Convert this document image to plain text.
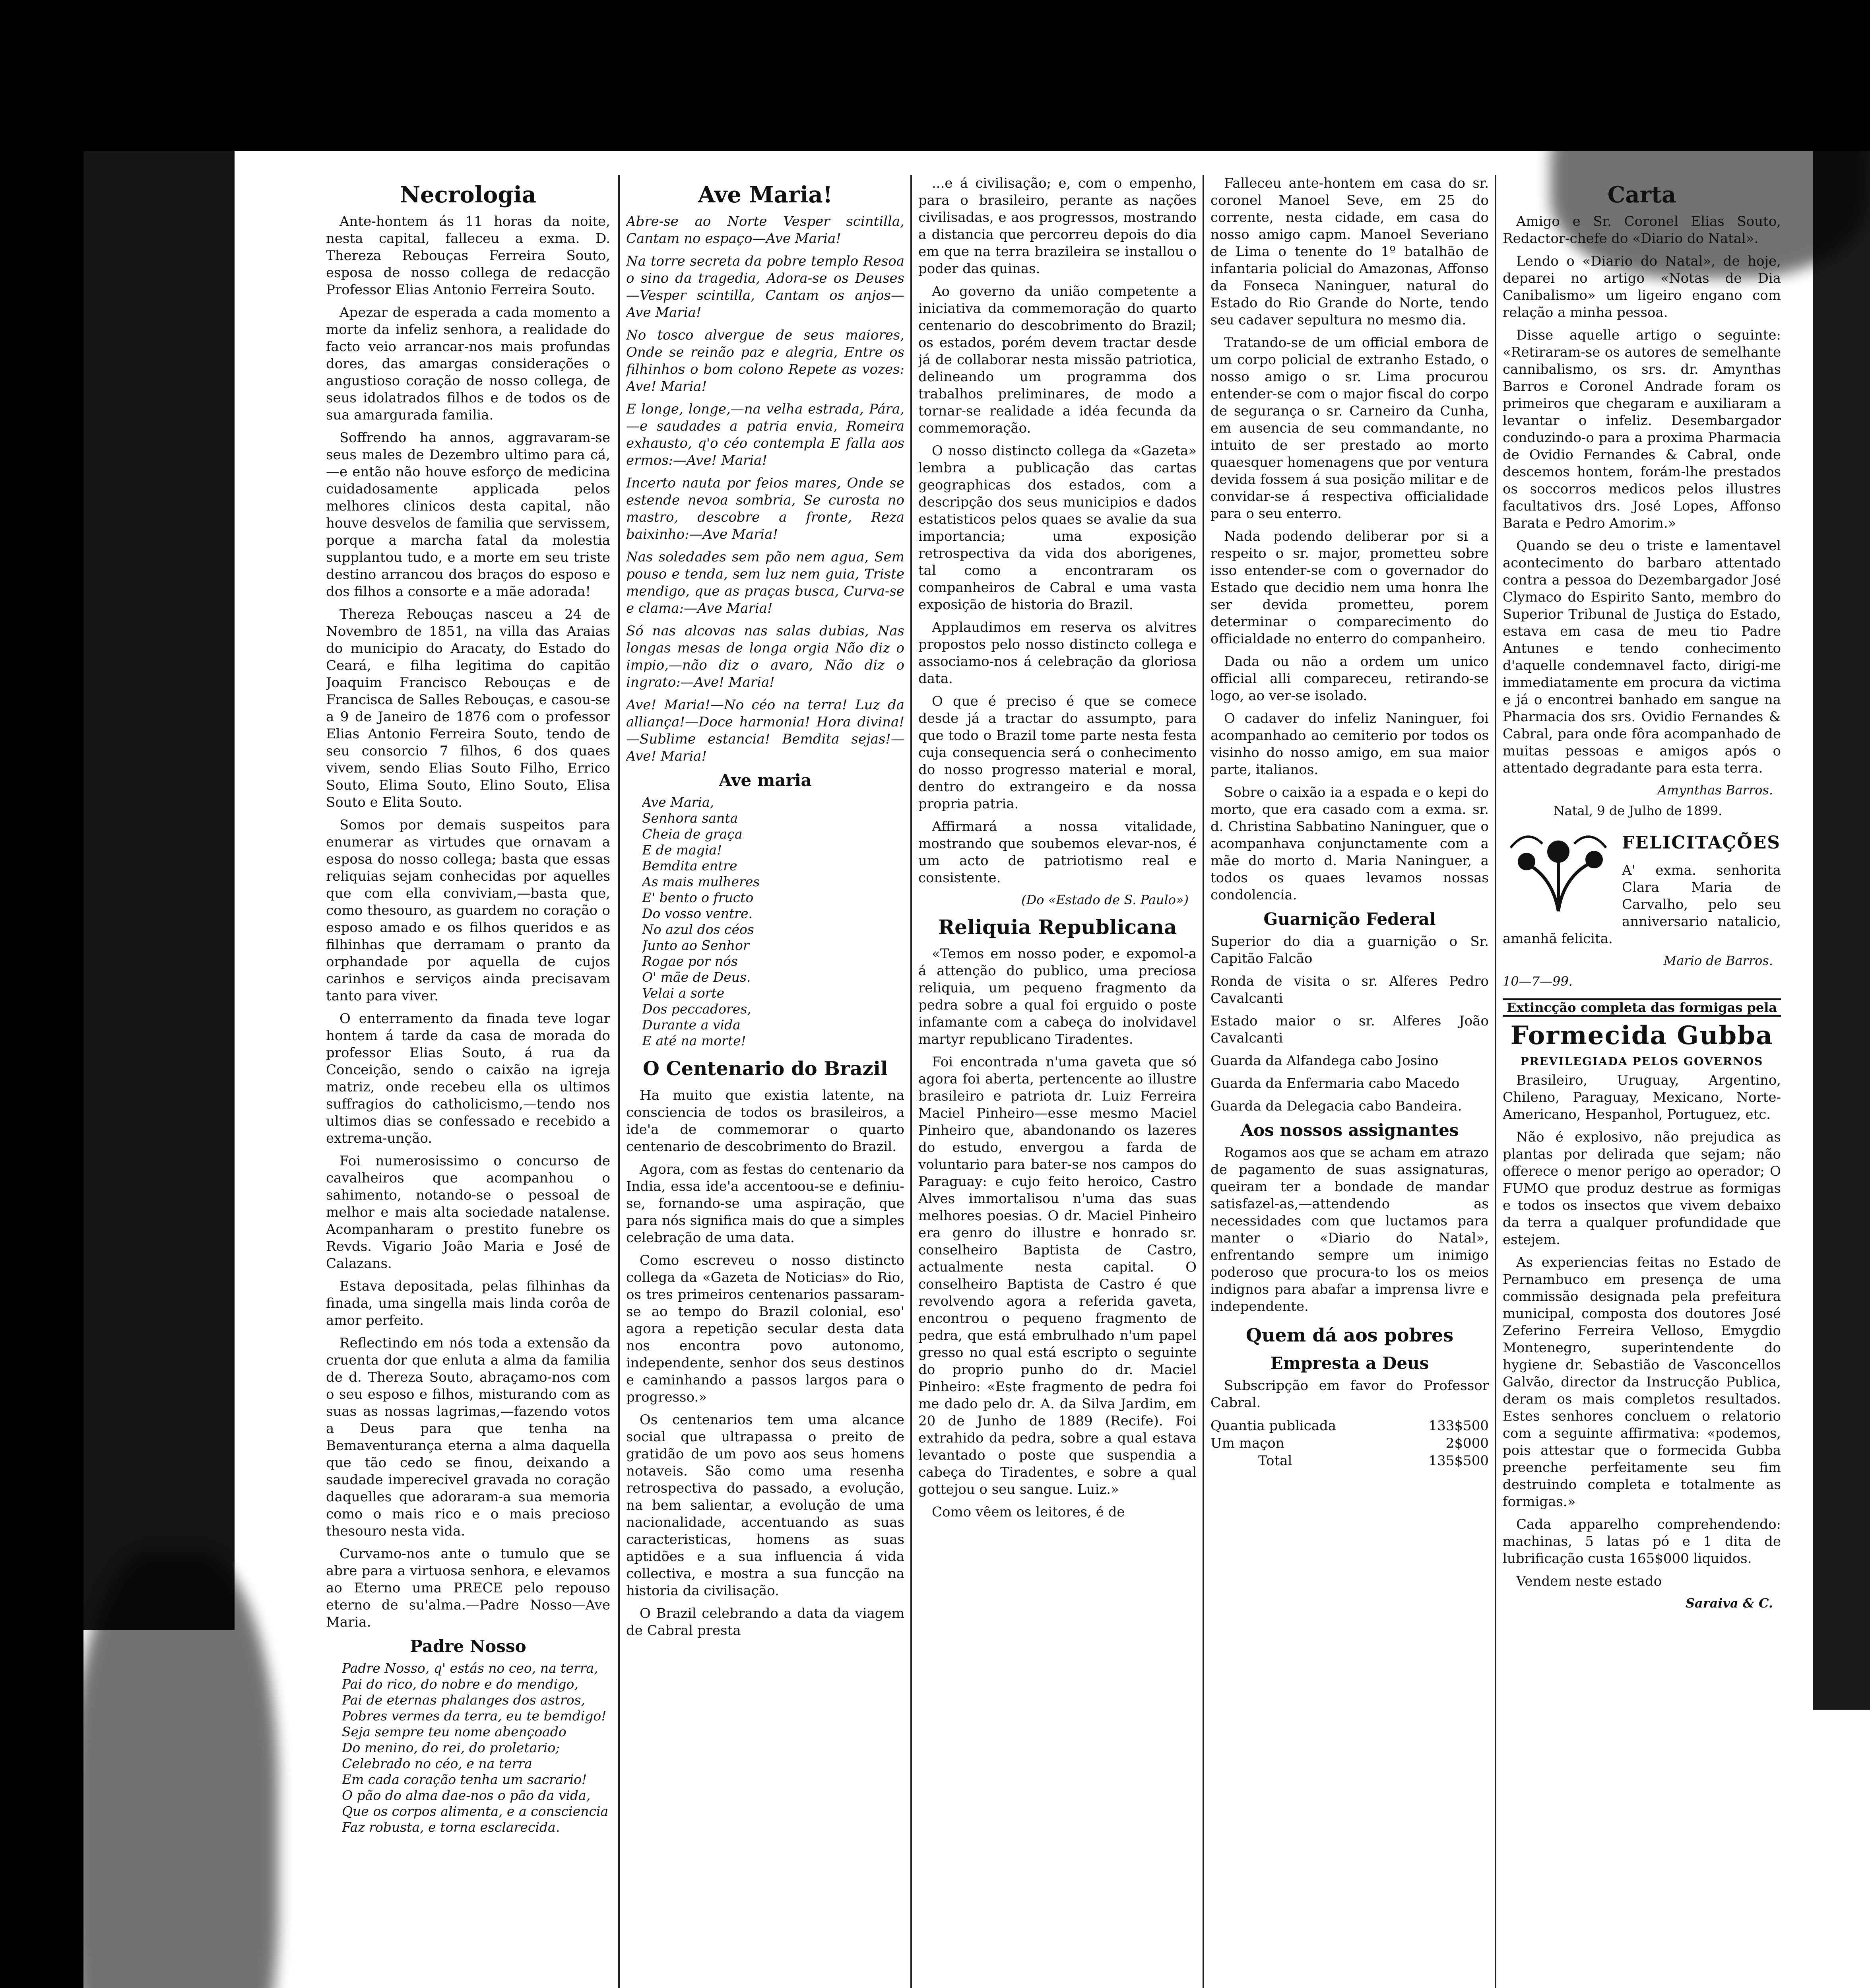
Necrologia

Ante-hontem ás 11 horas da noite, nesta capital, falleceu a exma. D. Thereza Rebouças Ferreira Souto, esposa de nosso collega de redacção Professor Elias Antonio Ferreira Souto.

Apezar de esperada a cada momento a morte da infeliz senhora, a realidade do facto veio arrancar-nos mais profundas dores, das amargas considerações o angustioso coração de nosso collega, de seus idolatrados filhos e de todos os de sua amargurada familia.

Soffrendo ha annos, aggravaram-se seus males de Dezembro ultimo para cá,—e então não houve esforço de medicina cuidadosamente applicada pelos melhores clinicos desta capital, não houve desvelos de familia que servissem, porque a marcha fatal da molestia supplantou tudo, e a morte em seu triste destino arrancou dos braços do esposo e dos filhos a consorte e a mãe adorada!

Thereza Rebouças nasceu a 24 de Novembro de 1851, na villa das Araias do municipio do Aracaty, do Estado do Ceará, e filha legitima do capitão Joaquim Francisco Rebouças e de Francisca de Salles Rebouças, e casou-se a 9 de Janeiro de 1876 com o professor Elias Antonio Ferreira Souto, tendo de seu consorcio 7 filhos, 6 dos quaes vivem, sendo Elias Souto Filho, Errico Souto, Elima Souto, Elino Souto, Elisa Souto e Elita Souto.

Somos por demais suspeitos para enumerar as virtudes que ornavam a esposa do nosso collega; basta que essas reliquias sejam conhecidas por aquelles que com ella conviviam,—basta que, como thesouro, as guardem no coração o esposo amado e os filhos queridos e as filhinhas que derramam o pranto da orphandade por aquella de cujos carinhos e serviços ainda precisavam tanto para viver.

O enterramento da finada teve logar hontem á tarde da casa de morada do professor Elias Souto, á rua da Conceição, sendo o caixão na igreja matriz, onde recebeu ella os ultimos suffragios do catholicismo,—tendo nos ultimos dias se confessado e recebido a extrema-unção.

Foi numerosissimo o concurso de cavalheiros que acompanhou o sahimento, notando-se o pessoal de melhor e mais alta sociedade natalense. Acompanharam o prestito funebre os Revds. Vigario João Maria e José de Calazans.

Estava depositada, pelas filhinhas da finada, uma singella mais linda corôa de amor perfeito.

Reflectindo em nós toda a extensão da cruenta dor que enluta a alma da familia de d. Thereza Souto, abraçamo-nos com o seu esposo e filhos, misturando com as suas as nossas lagrimas,—fazendo votos a Deus para que tenha na Bemaventurança eterna a alma daquella que tão cedo se finou, deixando a saudade imperecivel gravada no coração daquelles que adoraram-a sua memoria como o mais rico e o mais precioso thesouro nesta vida.

Curvamo-nos ante o tumulo que se abre para a virtuosa senhora, e elevamos ao Eterno uma PRECE pelo repouso eterno de su'alma.—Padre Nosso—Ave Maria.

Padre Nosso
Padre Nosso, q' estás no ceo, na terra,
Pai do rico, do nobre e do mendigo,
Pai de eternas phalanges dos astros,
Pobres vermes da terra, eu te bemdigo!
Seja sempre teu nome abençoado
Do menino, do rei, do proletario;
Celebrado no céo, e na terra
Em cada coração tenha um sacrario!
O pão do alma dae-nos o pão da vida,
Que os corpos alimenta, e a consciencia
Faz robusta, e torna esclarecida.
Ave Maria!

Abre-se ao Norte Vesper scintilla, Cantam no espaço—Ave Maria!

Na torre secreta da pobre templo Resoa o sino da tragedia, Adora-se os Deuses—Vesper scintilla, Cantam os anjos—Ave Maria!

No tosco alvergue de seus maiores, Onde se reinão paz e alegria, Entre os filhinhos o bom colono Repete as vozes: Ave! Maria!

E longe, longe,—na velha estrada, Pára,—e saudades a patria envia, Romeira exhausto, q'o céo contempla E falla aos ermos:—Ave! Maria!

Incerto nauta por feios mares, Onde se estende nevoa sombria, Se curosta no mastro, descobre a fronte, Reza baixinho:—Ave Maria!

Nas soledades sem pão nem agua, Sem pouso e tenda, sem luz nem guia, Triste mendigo, que as praças busca, Curva-se e clama:—Ave Maria!

Só nas alcovas nas salas dubias, Nas longas mesas de longa orgia Não diz o impio,—não diz o avaro, Não diz o ingrato:—Ave! Maria!

Ave! Maria!—No céo na terra! Luz da alliança!—Doce harmonia! Hora divina!—Sublime estancia! Bemdita sejas!—Ave! Maria!

Ave maria
Ave Maria,
Senhora santa
Cheia de graça
E de magia!
Bemdita entre
As mais mulheres
E' bento o fructo
Do vosso ventre.
No azul dos céos
Junto ao Senhor
Rogae por nós
O' mãe de Deus.
Velai a sorte
Dos peccadores,
Durante a vida
E até na morte!
O Centenario do Brazil

Ha muito que existia latente, na consciencia de todos os brasileiros, a ide'a de commemorar o quarto centenario de descobrimento do Brazil.

Agora, com as festas do centenario da India, essa ide'a accentoou-se e definiu-se, fornando-se uma aspiração, que para nós significa mais do que a simples celebração de uma data.

Como escreveu o nosso distincto collega da «Gazeta de Noticias» do Rio, os tres primeiros centenarios passaram-se ao tempo do Brazil colonial, eso' agora a repetição secular desta data nos encontra povo autonomo, independente, senhor dos seus destinos e caminhando a passos largos para o progresso.»

Os centenarios tem uma alcance social que ultrapassa o preito de gratidão de um povo aos seus homens notaveis. São como uma resenha retrospectiva do passado, a evolução, na bem salientar, a evolução de uma nacionalidade, accentuando as suas caracteristicas, homens as suas aptidões e a sua influencia á vida collectiva, e mostra a sua funcção na historia da civilisação.

O Brazil celebrando a data da viagem de Cabral presta

...e á civilisação; e, com o empenho, para o brasileiro, perante as nações civilisadas, e aos progressos, mostrando a distancia que percorreu depois do dia em que na terra brazileira se installou o poder das quinas.

Ao governo da união competente a iniciativa da commemoração do quarto centenario do descobrimento do Brazil; os estados, porém devem tractar desde já de collaborar nesta missão patriotica, delineando um programma dos trabalhos preliminares, de modo a tornar-se realidade a idéa fecunda da commemoração.

O nosso distincto collega da «Gazeta» lembra a publicação das cartas geographicas dos estados, com a descripção dos seus municipios e dados estatisticos pelos quaes se avalie da sua importancia; uma exposição retrospectiva da vida dos aborigenes, tal como a encontraram os companheiros de Cabral e uma vasta exposição de historia do Brazil.

Applaudimos em reserva os alvitres propostos pelo nosso distincto collega e associamo-nos á celebração da gloriosa data.

O que é preciso é que se comece desde já a tractar do assumpto, para que todo o Brazil tome parte nesta festa cuja consequencia será o conhecimento do nosso progresso material e moral, dentro do extrangeiro e da nossa propria patria.

Affirmará a nossa vitalidade, mostrando que soubemos elevar-nos, é um acto de patriotismo real e consistente.

(Do «Estado de S. Paulo»)
Reliquia Republicana

«Temos em nosso poder, e expomol-a á attenção do publico, uma preciosa reliquia, um pequeno fragmento da pedra sobre a qual foi erguido o poste infamante com a cabeça do inolvidavel martyr republicano Tiradentes.

Foi encontrada n'uma gaveta que só agora foi aberta, pertencente ao illustre brasileiro e patriota dr. Luiz Ferreira Maciel Pinheiro—esse mesmo Maciel Pinheiro que, abandonando os lazeres do estudo, envergou a farda de voluntario para bater-se nos campos do Paraguay: e cujo feito heroico, Castro Alves immortalisou n'uma das suas melhores poesias. O dr. Maciel Pinheiro era genro do illustre e honrado sr. conselheiro Baptista de Castro, actualmente nesta capital. O conselheiro Baptista de Castro é que revolvendo agora a referida gaveta, encontrou o pequeno fragmento de pedra, que está embrulhado n'um papel gresso no qual está escripto o seguinte do proprio punho do dr. Maciel Pinheiro: «Este fragmento de pedra foi me dado pelo dr. A. da Silva Jardim, em 20 de Junho de 1889 (Recife). Foi extrahido da pedra, sobre a qual estava levantado o poste que suspendia a cabeça do Tiradentes, e sobre a qual gottejou o seu sangue. Luiz.»

Como vêem os leitores, é de

Falleceu ante-hontem em casa do sr. coronel Manoel Seve, em 25 do corrente, nesta cidade, em casa do nosso amigo capm. Manoel Severiano de Lima o tenente do 1º batalhão de infantaria policial do Amazonas, Affonso da Fonseca Naninguer, natural do Estado do Rio Grande do Norte, tendo seu cadaver sepultura no mesmo dia.

Tratando-se de um official embora de um corpo policial de extranho Estado, o nosso amigo o sr. Lima procurou entender-se com o major fiscal do corpo de segurança o sr. Carneiro da Cunha, em ausencia de seu commandante, no intuito de ser prestado ao morto quaesquer homenagens que por ventura devida fossem á sua posição militar e de convidar-se á respectiva officialidade para o seu enterro.

Nada podendo deliberar por si a respeito o sr. major, prometteu sobre isso entender-se com o governador do Estado que decidio nem uma honra lhe ser devida prometteu, porem determinar o comparecimento do officialdade no enterro do companheiro.

Dada ou não a ordem um unico official alli compareceu, retirando-se logo, ao ver-se isolado.

O cadaver do infeliz Naninguer, foi acompanhado ao cemiterio por todos os visinho do nosso amigo, em sua maior parte, italianos.

Sobre o caixão ia a espada e o kepi do morto, que era casado com a exma. sr. d. Christina Sabbatino Naninguer, que o acompanhava conjunctamente com a mãe do morto d. Maria Naninguer, a todos os quaes levamos nossas condolencia.

Guarnição Federal

Superior do dia a guarnição o Sr. Capitão Falcão

Ronda de visita o sr. Alferes Pedro Cavalcanti

Estado maior o sr. Alferes João Cavalcanti

Guarda da Alfandega cabo Josino

Guarda da Enfermaria cabo Macedo

Guarda da Delegacia cabo Bandeira.

Aos nossos assignantes

Rogamos aos que se acham em atrazo de pagamento de suas assignaturas, queiram ter a bondade de mandar satisfazel-as,—attendendo as necessidades com que luctamos para manter o «Diario do Natal», enfrentando sempre um inimigo poderoso que procura-to los os meios indignos para abafar a imprensa livre e independente.

Quem dá aos pobres
Empresta a Deus

Subscripção em favor do Professor Cabral.

Quantia publicada	133$500
Um maçon	2$000
Total	135$500
Carta

Amigo e Sr. Coronel Elias Souto, Redactor-chefe do «Diario do Natal».

Lendo o «Diario do Natal», de hoje, deparei no artigo «Notas de Dia Canibalismo» um ligeiro engano com relação a minha pessoa.

Disse aquelle artigo o seguinte: «Retiraram-se os autores de semelhante cannibalismo, os srs. dr. Amynthas Barros e Coronel Andrade foram os primeiros que chegaram e auxiliaram a levantar o infeliz. Desembargador conduzindo-o para a proxima Pharmacia de Ovidio Fernandes & Cabral, onde descemos hontem, forám-lhe prestados os soccorros medicos pelos illustres facultativos drs. José Lopes, Affonso Barata e Pedro Amorim.»

Quando se deu o triste e lamentavel acontecimento do barbaro attentado contra a pessoa do Dezembargador José Clymaco do Espirito Santo, membro do Superior Tribunal de Justiça do Estado, estava em casa de meu tio Padre Antunes e tendo conhecimento d'aquelle condemnavel facto, dirigi-me immediatamente em procura da victima e já o encontrei banhado em sangue na Pharmacia dos srs. Ovidio Fernandes & Cabral, para onde fôra acompanhado de muitas pessoas e amigos após o attentado degradante para esta terra.

Amynthas Barros.
Natal, 9 de Julho de 1899.
FELICITAÇÕES

A' exma. senhorita Clara Maria de Carvalho, pelo seu anniversario natalicio, amanhã felicita.

Mario de Barros.
10—7—99.
Extincção completa das formigas pela
Formecida Gubba
PREVILEGIADA PELOS GOVERNOS

Brasileiro, Uruguay, Argentino, Chileno, Paraguay, Mexicano, Norte-Americano, Hespanhol, Portuguez, etc.

Não é explosivo, não prejudica as plantas por delirada que sejam; não offerece o menor perigo ao operador; O FUMO que produz destrue as formigas e todos os insectos que vivem debaixo da terra a qualquer profundidade que estejem.

As experiencias feitas no Estado de Pernambuco em presença de uma commissão designada pela prefeitura municipal, composta dos doutores José Zeferino Ferreira Velloso, Emygdio Montenegro, superintendente do hygiene dr. Sebastião de Vasconcellos Galvão, director da Instrucção Publica, deram os mais completos resultados. Estes senhores concluem o relatorio com a seguinte affirmativa: «podemos, pois attestar que o formecida Gubba preenche perfeitamente seu fim destruindo completa e totalmente as formigas.»

Cada apparelho comprehendendo: machinas, 5 latas pó e 1 dita de lubrificação custa 165$000 liquidos.

Vendem neste estado

Saraiva & C.
